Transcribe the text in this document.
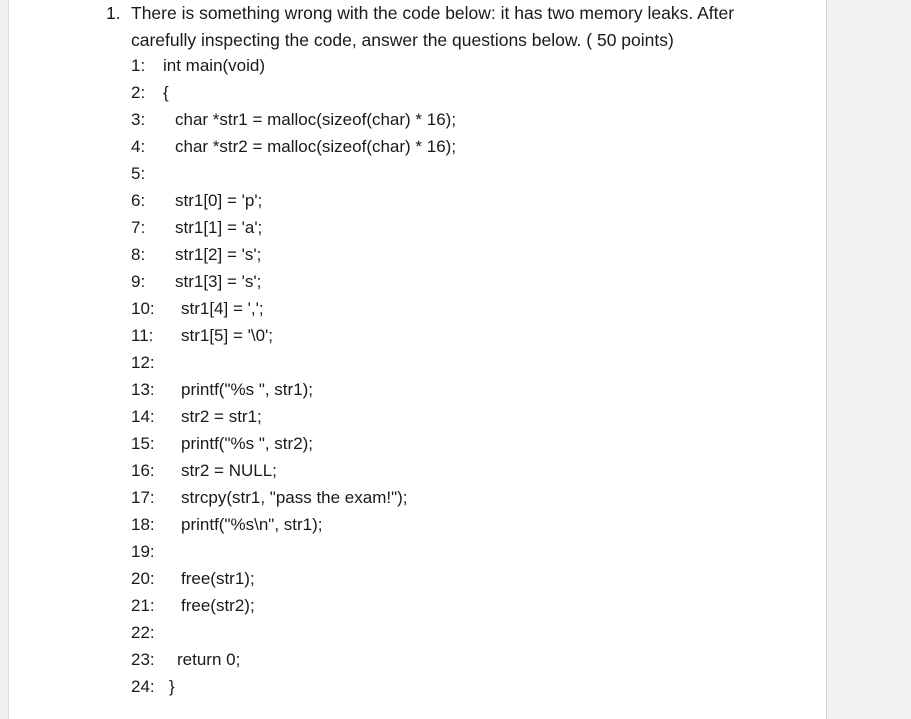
1. There is something wrong with the code below: it has two memory leaks. After carefully inspecting the code, answer the questions below. ( 50 points)
1: int main(void)
2: {
3: char *str1 = malloc(sizeof(char) * 16);
4: char *str2 = malloc(sizeof(char) * 16);
5:
6: str1[0] = 'p';
7: str1[1] = 'a';
8: str1[2] = 's';
9: str1[3] = 's';
10: str1[4] = ',';
11: str1[5] = '\0';
12:
13: printf("%s ", str1);
14: str2 = str1;
15: printf("%s ", str2);
16: str2 = NULL;
17: strcpy(str1, "pass the exam!");
18: printf("%s\n", str1);
19:
20: free(str1);
21: free(str2);
22:
23: return 0;
24: }
